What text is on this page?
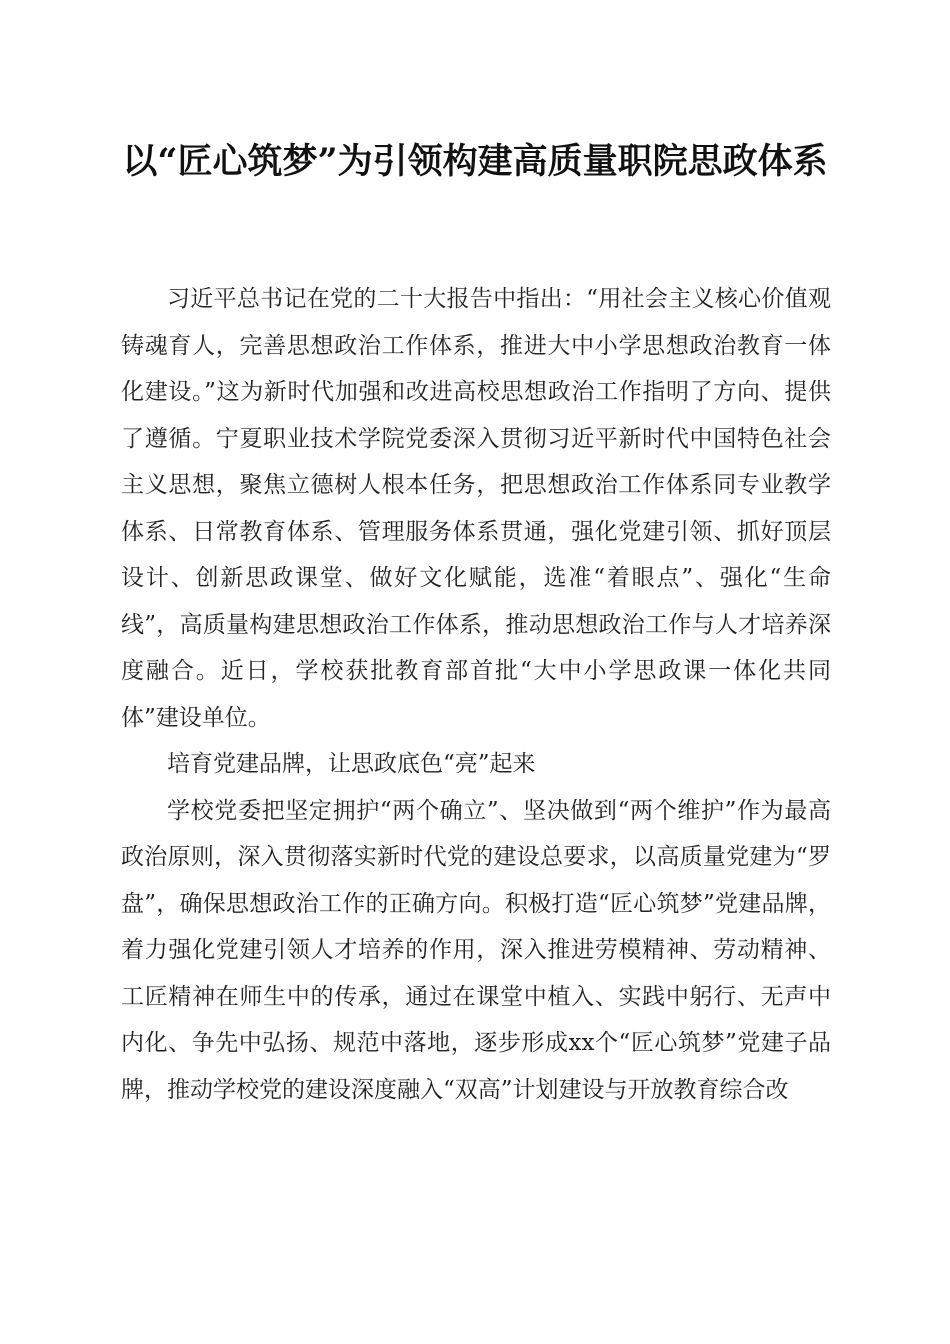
以“匠心筑梦”为引领构建高质量职院思政体系

习近平总书记在党的二十大报告中指出：“用社会主义核心价值观铸魂育人，完善思想政治工作体系，推进大中小学思想政治教育一体化建设。”这为新时代加强和改进高校思想政治工作指明了方向、提供了遵循。宁夏职业技术学院党委深入贯彻习近平新时代中国特色社会主义思想，聚焦立德树人根本任务，把思想政治工作体系同专业教学体系、日常教育体系、管理服务体系贯通，强化党建引领、抓好顶层设计、创新思政课堂、做好文化赋能，选准“着眼点”、强化“生命线”，高质量构建思想政治工作体系，推动思想政治工作与人才培养深度融合。近日，学校获批教育部首批“大中小学思政课一体化共同体”建设单位。

培育党建品牌，让思政底色“亮”起来

学校党委把坚定拥护“两个确立”、坚决做到“两个维护”作为最高政治原则，深入贯彻落实新时代党的建设总要求，以高质量党建为“罗盘”，确保思想政治工作的正确方向。积极打造“匠心筑梦”党建品牌，着力强化党建引领人才培养的作用，深入推进劳模精神、劳动精神、工匠精神在师生中的传承，通过在课堂中植入、实践中躬行、无声中内化、争先中弘扬、规范中落地，逐步形成xx个“匠心筑梦”党建子品牌，推动学校党的建设深度融入“双高”计划建设与开放教育综合改
